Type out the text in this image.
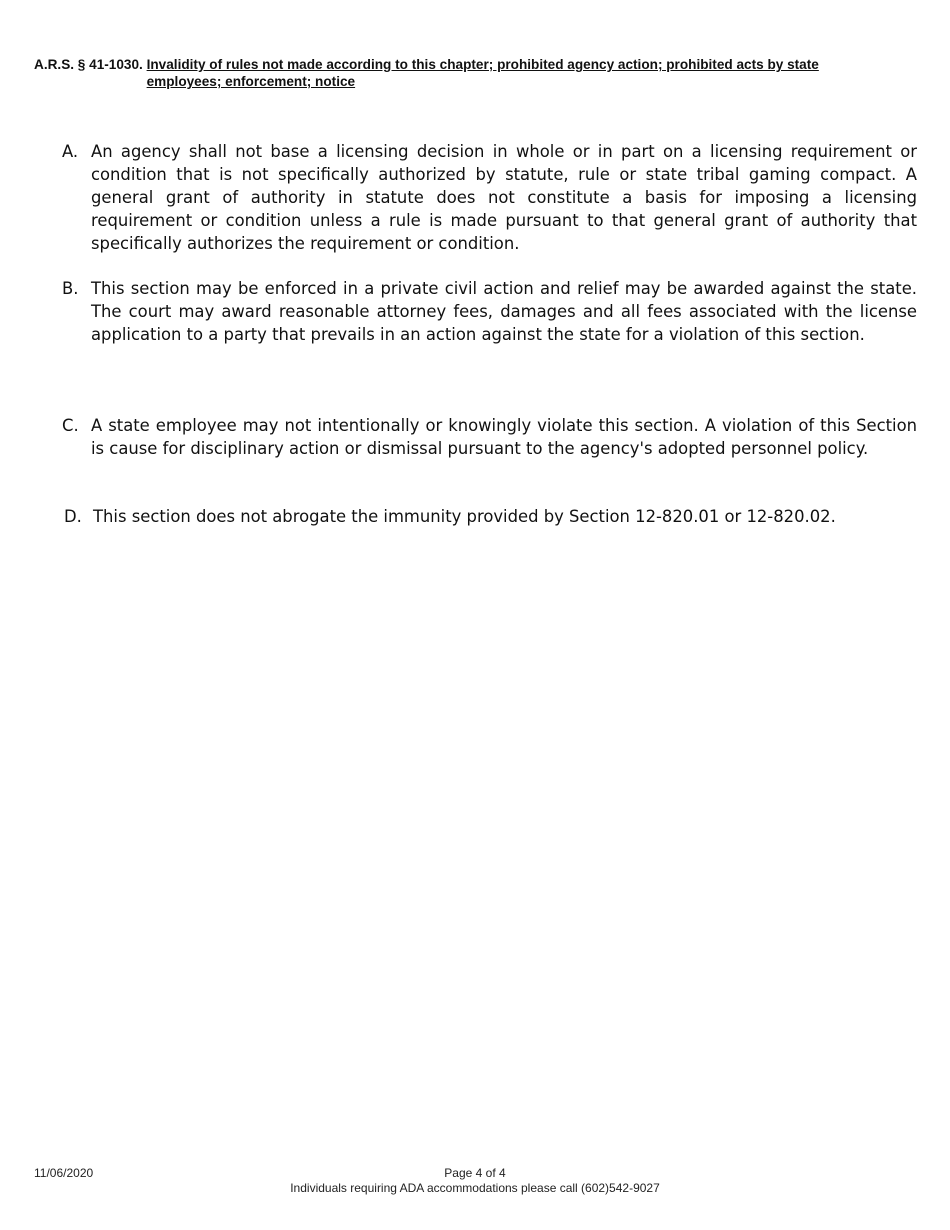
A.R.S. § 41-1030. Invalidity of rules not made according to this chapter; prohibited agency action; prohibited acts by state employees; enforcement; notice
A. An agency shall not base a licensing decision in whole or in part on a licensing requirement or condition that is not specifically authorized by statute, rule or state tribal gaming compact. A general grant of authority in statute does not constitute a basis for imposing a licensing requirement or condition unless a rule is made pursuant to that general grant of authority that specifically authorizes the requirement or condition.
B. This section may be enforced in a private civil action and relief may be awarded against the state. The court may award reasonable attorney fees, damages and all fees associated with the license application to a party that prevails in an action against the state for a violation of this section.
C. A state employee may not intentionally or knowingly violate this section. A violation of this Section is cause for disciplinary action or dismissal pursuant to the agency's adopted personnel policy.
D. This section does not abrogate the immunity provided by Section 12-820.01 or 12-820.02.
11/06/2020	Page 4 of 4
Individuals requiring ADA accommodations please call (602)542-9027
